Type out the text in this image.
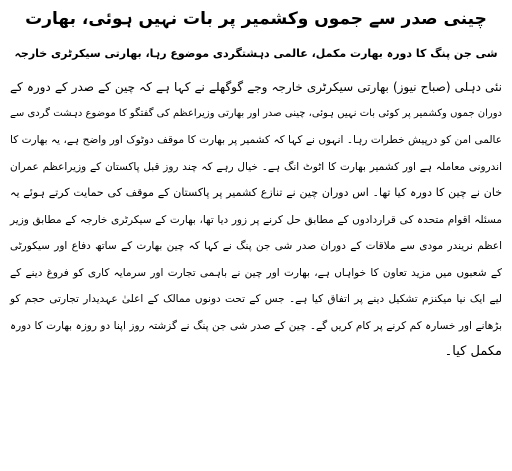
چینی صدر سے جموں وکشمیر پر بات نہیں ہوئی، بھارت
شی جن پنگ کا دورہ بھارت مکمل، عالمی دہشتگردی موضوع رہا، بھارتی سیکرٹری خارجہ

نئی دہلی (صباح نیوز) بھارتی سیکرٹری خارجہ وجے گوگھلے نے کہا ہے کہ چین کے صدر کے دورہ کے

دوران جموں وکشمیر پر کوئی بات نہیں ہوئی، چینی صدر اور بھارتی وزیراعظم کی گفتگو کا موضوع دہشت گردی سے

عالمی امن کو درپیش خطرات رہا۔ انہوں نے کہا کہ کشمیر پر بھارت کا موقف دوٹوک اور واضح ہے، یہ بھارت کا

اندرونی معاملہ ہے اور کشمیر بھارت کا اٹوٹ انگ ہے۔ خیال رہے کہ چند روز قبل پاکستان کے وزیراعظم عمران

خان نے چین کا دورہ کیا تھا۔ اس دوران چین نے تنازع کشمیر پر پاکستان کے موقف کی حمایت کرتے ہوئے یہ

مسئلہ اقوام متحدہ کی قراردادوں کے مطابق حل کرنے پر زور دیا تھا، بھارت کے سیکرٹری خارجہ کے مطابق وزیر

اعظم نریندر مودی سے ملاقات کے دوران صدر شی جن پنگ نے کہا کہ چین بھارت کے ساتھ دفاع اور سیکورٹی

کے شعبوں میں مزید تعاون کا خواہاں ہے، بھارت اور چین نے باہمی تجارت اور سرمایہ کاری کو فروغ دینے کے

لیے ایک نیا میکنزم تشکیل دینے پر اتفاق کیا ہے۔ جس کے تحت دونوں ممالک کے اعلیٰ عہدیدار تجارتی حجم کو

بڑھانے اور خسارہ کم کرنے پر کام کریں گے۔ چین کے صدر شی جن پنگ نے گزشتہ روز اپنا دو روزہ بھارت کا دورہ

مکمل کیا۔
